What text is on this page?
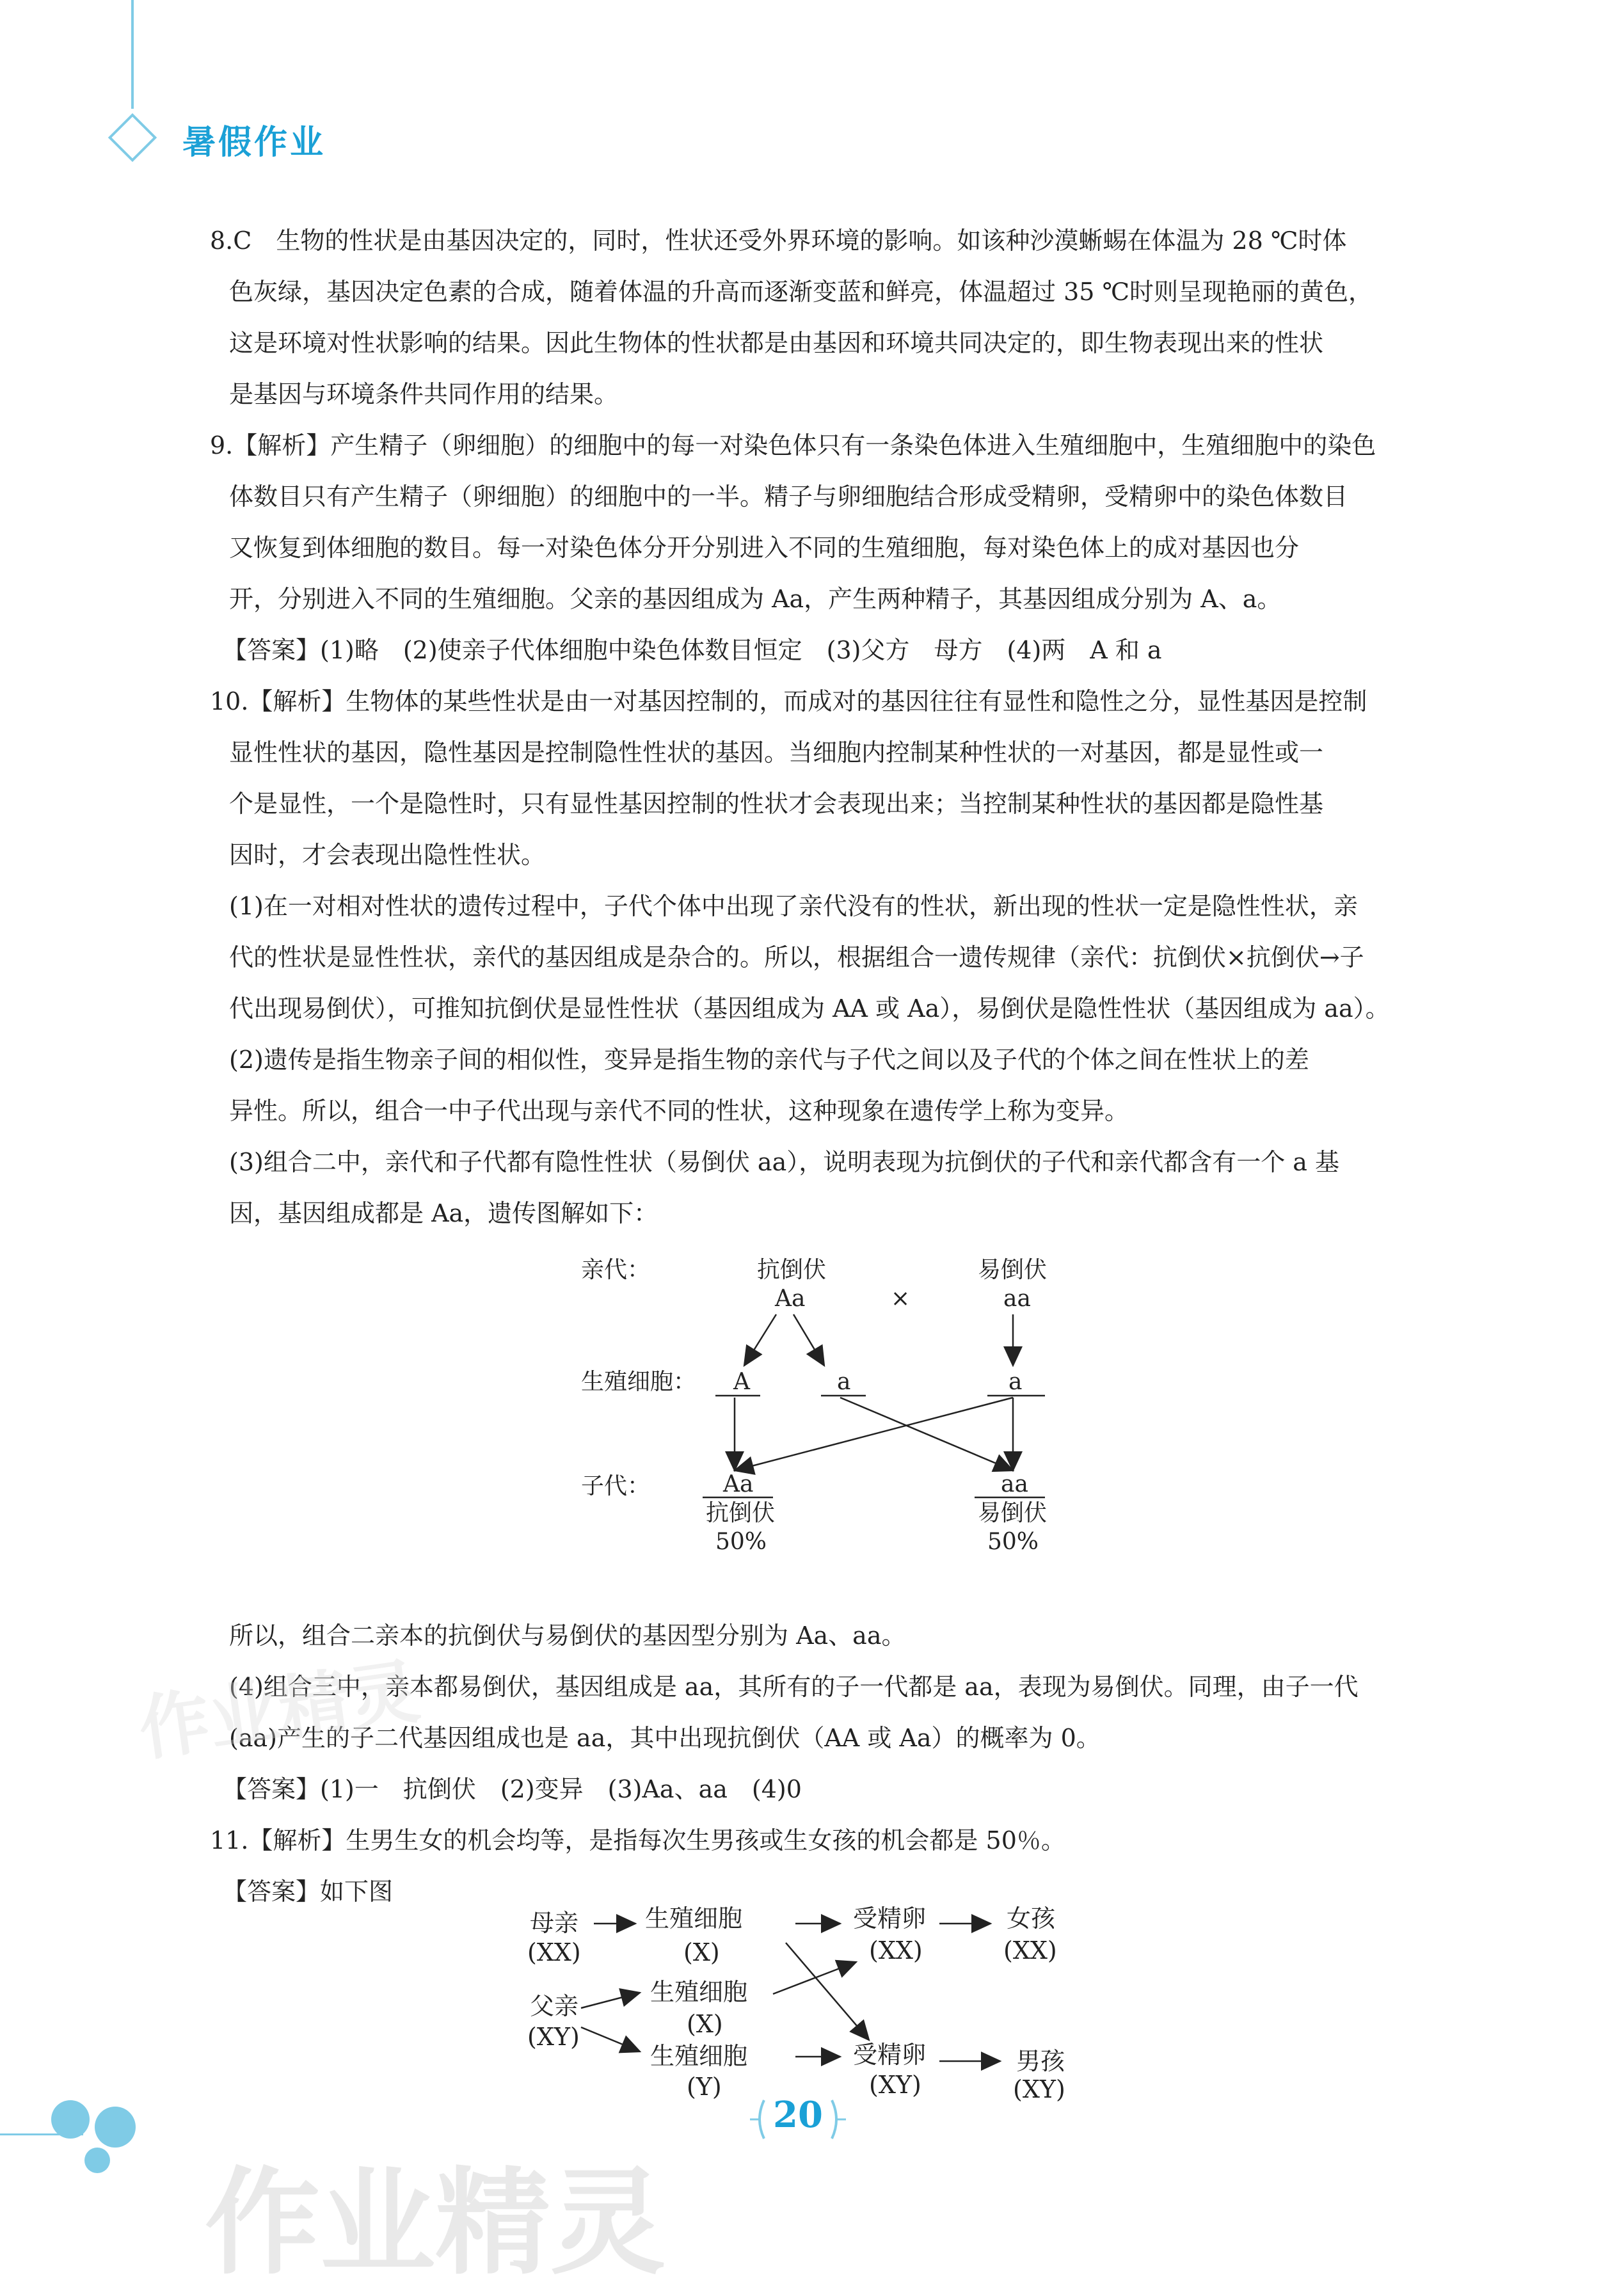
暑假作业

8.C　生物的性状是由基因决定的，同时，性状还受外界环境的影响。如该种沙漠蜥蜴在体温为 28 ℃时体

色灰绿，基因决定色素的合成，随着体温的升高而逐渐变蓝和鲜亮，体温超过 35 ℃时则呈现艳丽的黄色，

这是环境对性状影响的结果。因此生物体的性状都是由基因和环境共同决定的，即生物表现出来的性状

是基因与环境条件共同作用的结果。

9.【解析】产生精子（卵细胞）的细胞中的每一对染色体只有一条染色体进入生殖细胞中，生殖细胞中的染色

体数目只有产生精子（卵细胞）的细胞中的一半。精子与卵细胞结合形成受精卵，受精卵中的染色体数目

又恢复到体细胞的数目。每一对染色体分开分别进入不同的生殖细胞，每对染色体上的成对基因也分

开，分别进入不同的生殖细胞。父亲的基因组成为 Aa，产生两种精子，其基因组成分别为 A、a。

【答案】(1)略　(2)使亲子代体细胞中染色体数目恒定　(3)父方　母方　(4)两　A 和 a

10.【解析】生物体的某些性状是由一对基因控制的，而成对的基因往往有显性和隐性之分，显性基因是控制

显性性状的基因，隐性基因是控制隐性性状的基因。当细胞内控制某种性状的一对基因，都是显性或一

个是显性，一个是隐性时，只有显性基因控制的性状才会表现出来；当控制某种性状的基因都是隐性基

因时，才会表现出隐性性状。

(1)在一对相对性状的遗传过程中，子代个体中出现了亲代没有的性状，新出现的性状一定是隐性性状，亲

代的性状是显性性状，亲代的基因组成是杂合的。所以，根据组合一遗传规律（亲代：抗倒伏×抗倒伏→子

代出现易倒伏），可推知抗倒伏是显性性状（基因组成为 AA 或 Aa），易倒伏是隐性性状（基因组成为 aa）。

(2)遗传是指生物亲子间的相似性，变异是指生物的亲代与子代之间以及子代的个体之间在性状上的差

异性。所以，组合一中子代出现与亲代不同的性状，这种现象在遗传学上称为变异。

(3)组合二中，亲代和子代都有隐性性状（易倒伏 aa），说明表现为抗倒伏的子代和亲代都含有一个 a 基

因，基因组成都是 Aa，遗传图解如下：

亲代：	抗倒伏
Aa	×
易倒伏
aa
生殖细胞： A	a	a
子代：	Aa
抗倒伏
50%
aa
易倒伏
50%

所以，组合二亲本的抗倒伏与易倒伏的基因型分别为 Aa、aa。

(4)组合三中，亲本都易倒伏，基因组成是 aa，其所有的子一代都是 aa，表现为易倒伏。同理，由子一代

(aa)产生的子二代基因组成也是 aa，其中出现抗倒伏（AA 或 Aa）的概率为 0。

【答案】(1)一　抗倒伏　(2)变异　(3)Aa、aa　(4)0

11.【解析】生男生女的机会均等，是指每次生男孩或生女孩的机会都是 50％。

【答案】如下图

母亲
(XX)
生殖细胞
(X)
受精卵
(XX)
女孩
(XX)
父亲
(XY)
生殖细胞
(X)
生殖细胞
(Y)
受精卵
(XY)
男孩
(XY)
20
作业精灵
作业精灵
